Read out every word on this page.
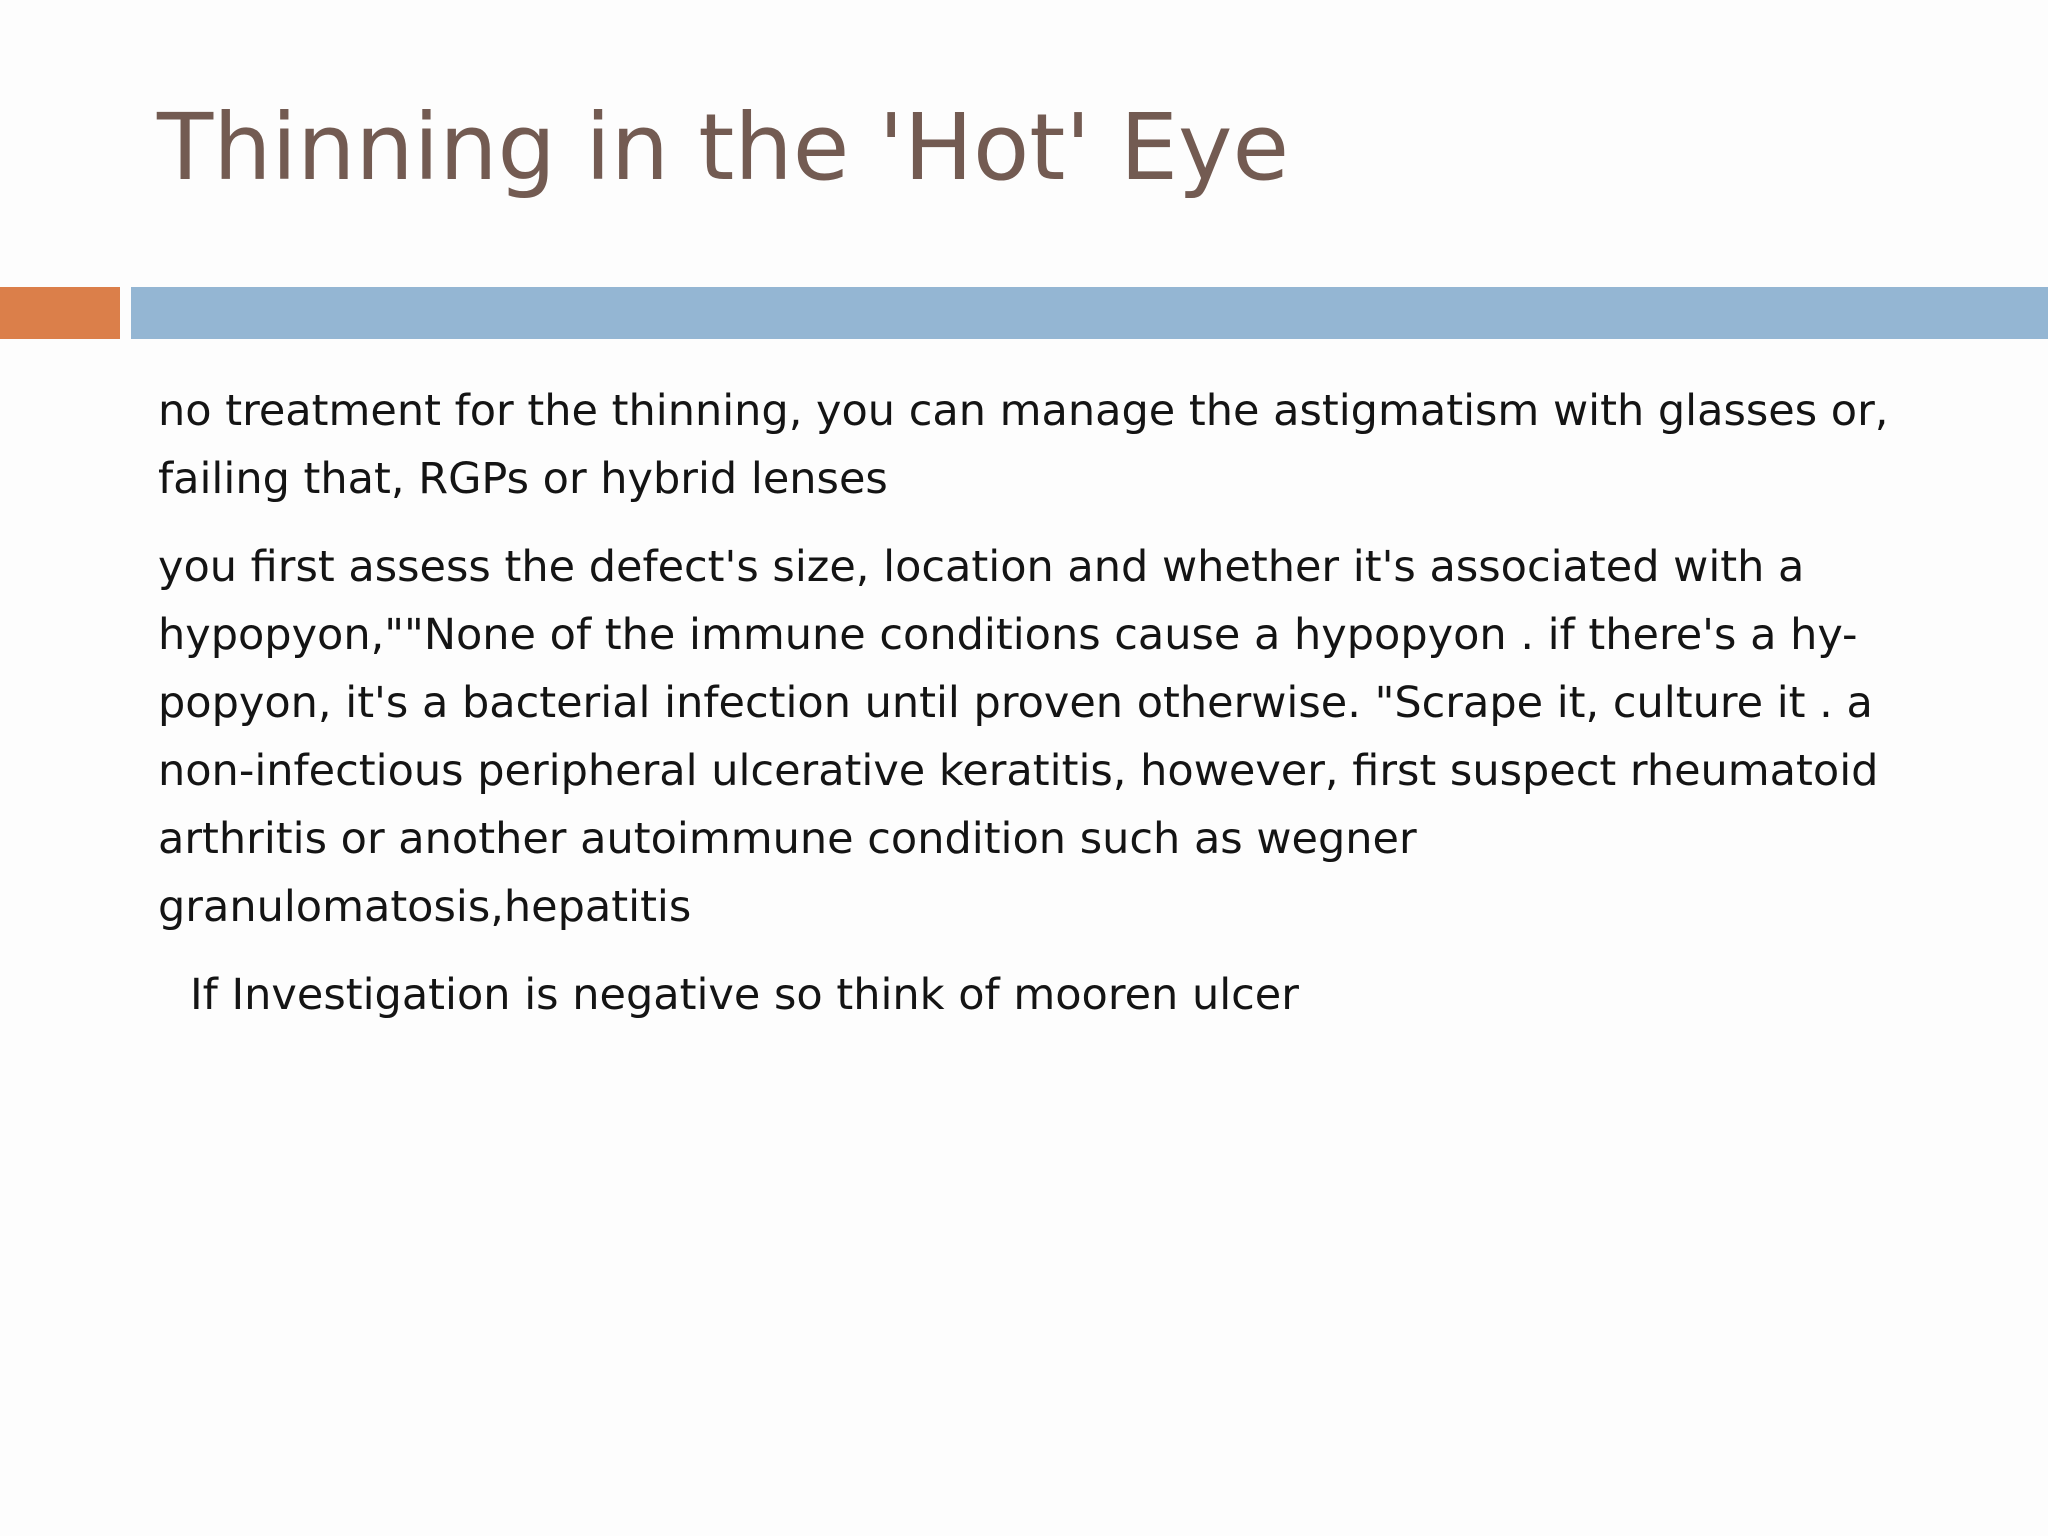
Thinning in the 'Hot' Eye

no treatment for the thinning, you can manage the astigmatism with glasses or, failing that, RGPs or hybrid lenses

you first assess the defect's size, location and whether it's associated with a hypopyon,""None of the immune conditions cause a hypopyon . if there's a hy-popyon, it's a bacterial infection until proven otherwise. "Scrape it, culture it . a non-infectious peripheral ulcerative keratitis, however, first suspect rheumatoid arthritis or another autoimmune condition such as wegner granulomatosis,hepatitis

If Investigation is negative so think of mooren ulcer
